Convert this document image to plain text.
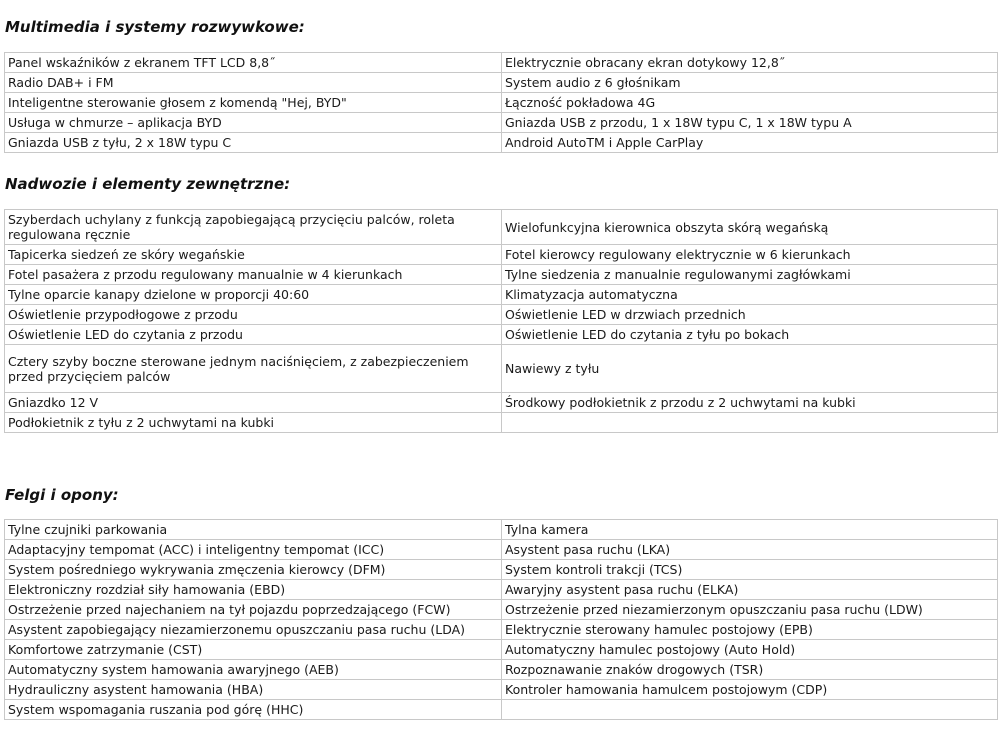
Multimedia i systemy rozwywkowe:
Panel wskaźników z ekranem TFT LCD 8,8˝	Elektrycznie obracany ekran dotykowy 12,8˝
Radio DAB+ i FM	System audio z 6 głośnikam
Inteligentne sterowanie głosem z komendą "Hej, BYD"	Łączność pokładowa 4G
Usługa w chmurze – aplikacja BYD	Gniazda USB z przodu, 1 x 18W typu C, 1 x 18W typu A
Gniazda USB z tyłu, 2 x 18W typu C	Android AutoTM i Apple CarPlay
Nadwozie i elementy zewnętrzne:
Szyberdach uchylany z funkcją zapobiegającą przycięciu palców, roleta regulowana ręcznie	Wielofunkcyjna kierownica obszyta skórą wegańską
Tapicerka siedzeń ze skóry wegańskie	Fotel kierowcy regulowany elektrycznie w 6 kierunkach
Fotel pasażera z przodu regulowany manualnie w 4 kierunkach	Tylne siedzenia z manualnie regulowanymi zagłówkami
Tylne oparcie kanapy dzielone w proporcji 40:60	Klimatyzacja automatyczna
Oświetlenie przypodłogowe z przodu	Oświetlenie LED w drzwiach przednich
Oświetlenie LED do czytania z przodu	Oświetlenie LED do czytania z tyłu po bokach
Cztery szyby boczne sterowane jednym naciśnięciem, z zabezpieczeniem przed przycięciem palców	Nawiewy z tyłu
Gniazdko 12 V	Środkowy podłokietnik z przodu z 2 uchwytami na kubki
Podłokietnik z tyłu z 2 uchwytami na kubki	
Felgi i opony:
Tylne czujniki parkowania	Tylna kamera
Adaptacyjny tempomat (ACC) i inteligentny tempomat (ICC)	Asystent pasa ruchu (LKA)
System pośredniego wykrywania zmęczenia kierowcy (DFM)	System kontroli trakcji (TCS)
Elektroniczny rozdział siły hamowania (EBD)	Awaryjny asystent pasa ruchu (ELKA)
Ostrzeżenie przed najechaniem na tył pojazdu poprzedzającego (FCW)	Ostrzeżenie przed niezamierzonym opuszczaniu pasa ruchu (LDW)
Asystent zapobiegający niezamierzonemu opuszczaniu pasa ruchu (LDA)	Elektrycznie sterowany hamulec postojowy (EPB)
Komfortowe zatrzymanie (CST)	Automatyczny hamulec postojowy (Auto Hold)
Automatyczny system hamowania awaryjnego (AEB)	Rozpoznawanie znaków drogowych (TSR)
Hydrauliczny asystent hamowania (HBA)	Kontroler hamowania hamulcem postojowym (CDP)
System wspomagania ruszania pod górę (HHC)	
